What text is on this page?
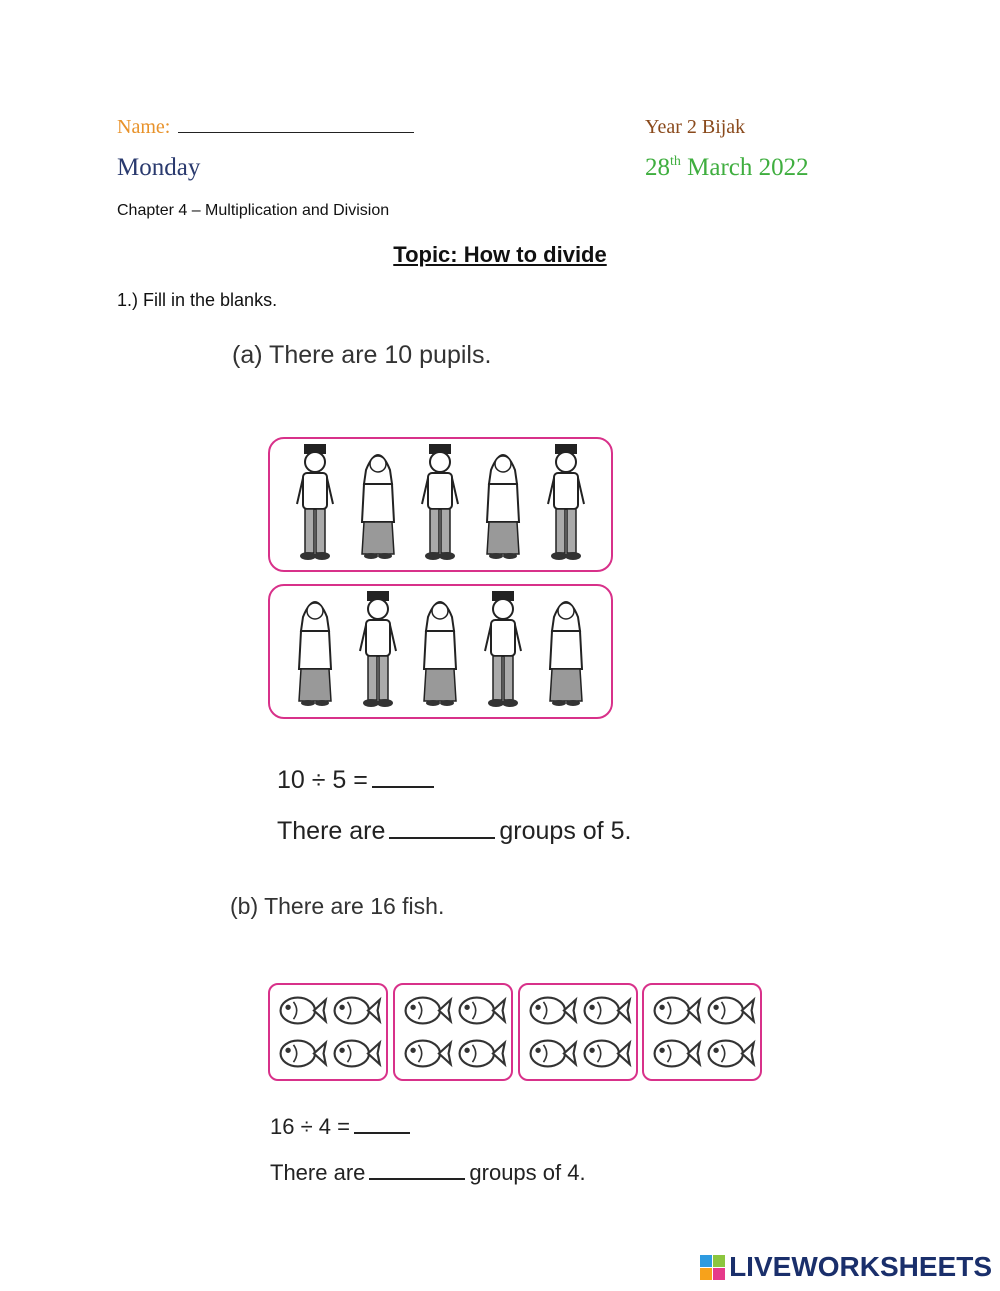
Name:	Year 2 Bijak
Monday	28th March 2022
Chapter 4 – Multiplication and Division
Topic: How to divide
1.) Fill in the blanks.
(a) There are 10 pupils.
10 ÷ 5 =
There are	groups of 5.
(b) There are 16 fish.
16 ÷ 4 =
There are	groups of 4.
LIVEWORKSHEETS
